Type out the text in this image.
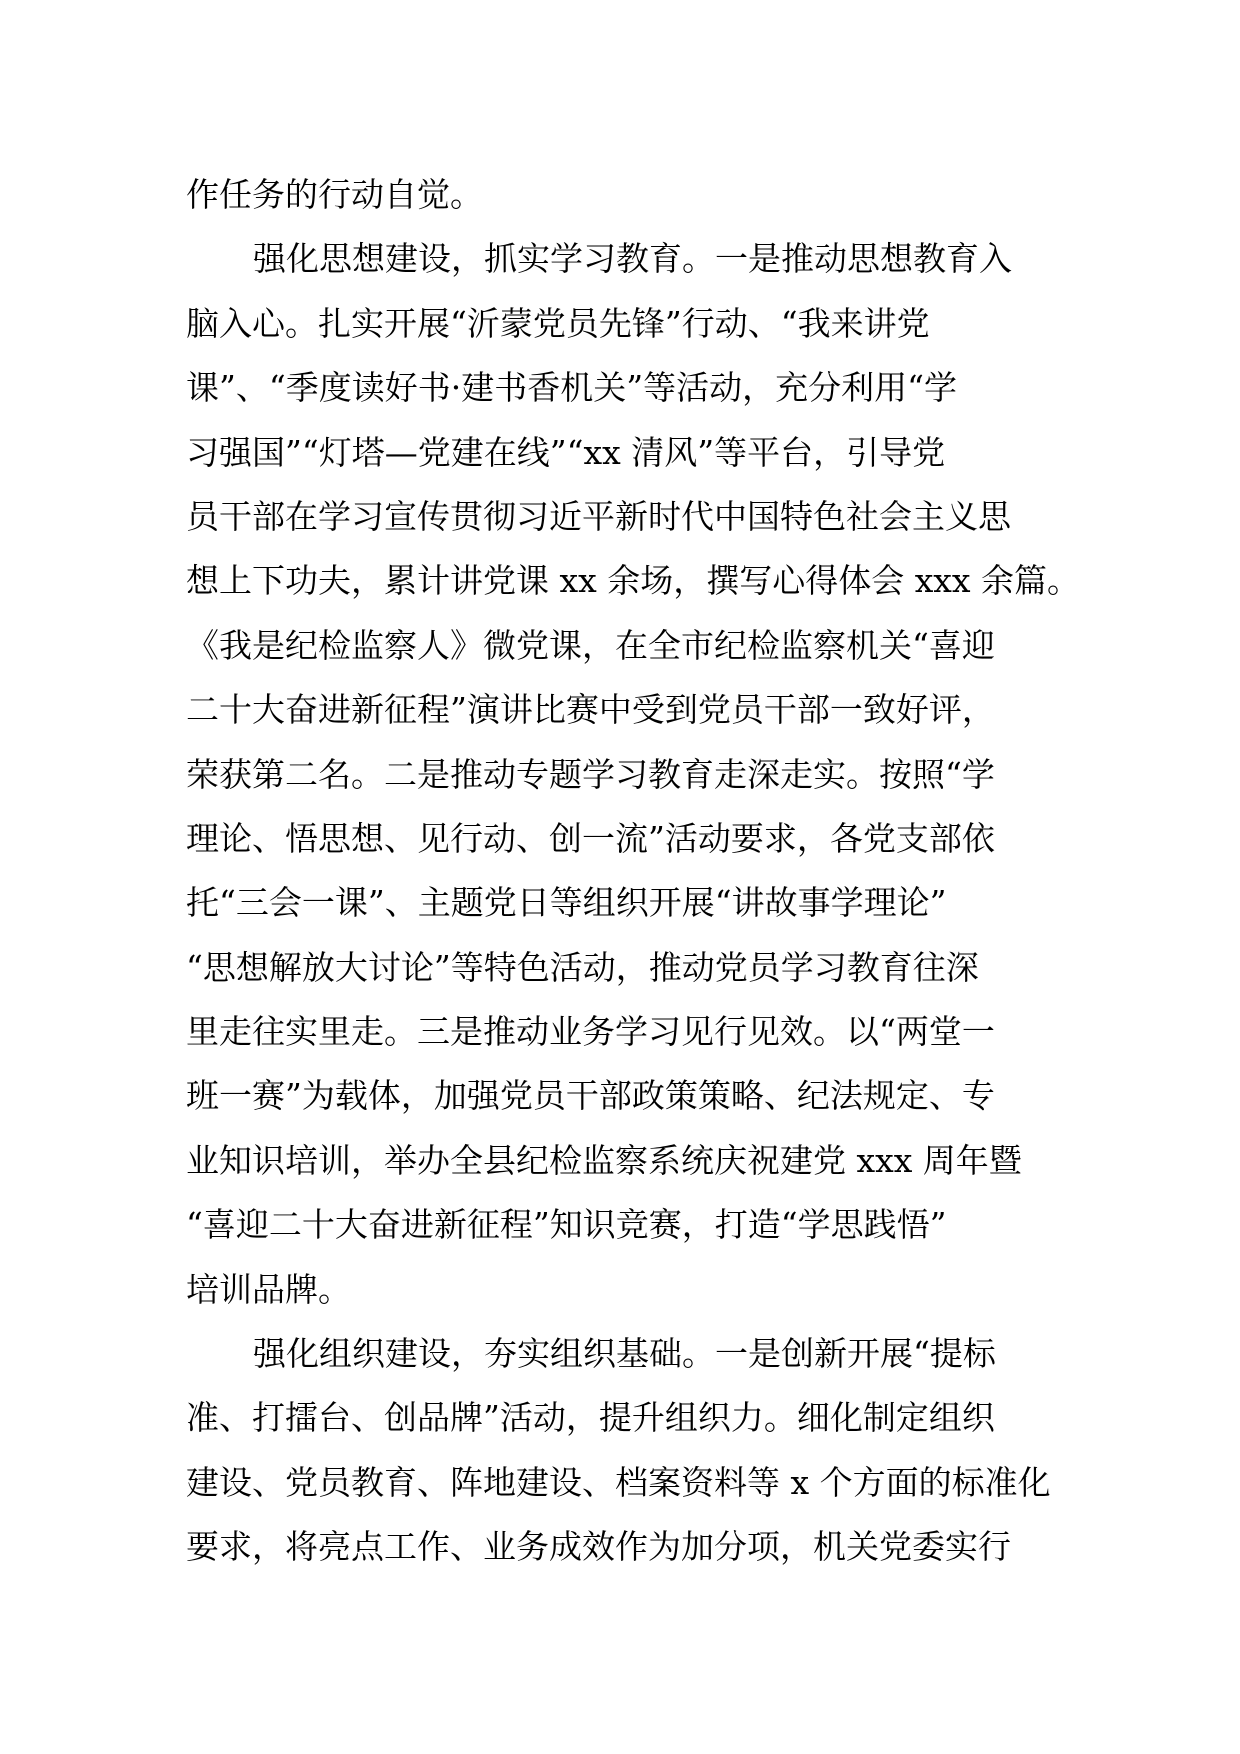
作任务的行动自觉。
强化思想建设，抓实学习教育。一是推动思想教育入
脑入心。扎实开展“沂蒙党员先锋”行动、“我来讲党
课”、“季度读好书·建书香机关”等活动，充分利用“学
习强国”“灯塔—党建在线”“xx 清风”等平台，引导党
员干部在学习宣传贯彻习近平新时代中国特色社会主义思
想上下功夫，累计讲党课 xx 余场，撰写心得体会 xxx 余篇。
《我是纪检监察人》微党课，在全市纪检监察机关“喜迎
二十大奋进新征程”演讲比赛中受到党员干部一致好评，
荣获第二名。二是推动专题学习教育走深走实。按照“学
理论、悟思想、见行动、创一流”活动要求，各党支部依
托“三会一课”、主题党日等组织开展“讲故事学理论”
“思想解放大讨论”等特色活动，推动党员学习教育往深
里走往实里走。三是推动业务学习见行见效。以“两堂一
班一赛”为载体，加强党员干部政策策略、纪法规定、专
业知识培训，举办全县纪检监察系统庆祝建党 xxx 周年暨
“喜迎二十大奋进新征程”知识竞赛，打造“学思践悟”
培训品牌。
强化组织建设，夯实组织基础。一是创新开展“提标
准、打擂台、创品牌”活动，提升组织力。细化制定组织
建设、党员教育、阵地建设、档案资料等 x 个方面的标准化
要求，将亮点工作、业务成效作为加分项，机关党委实行
